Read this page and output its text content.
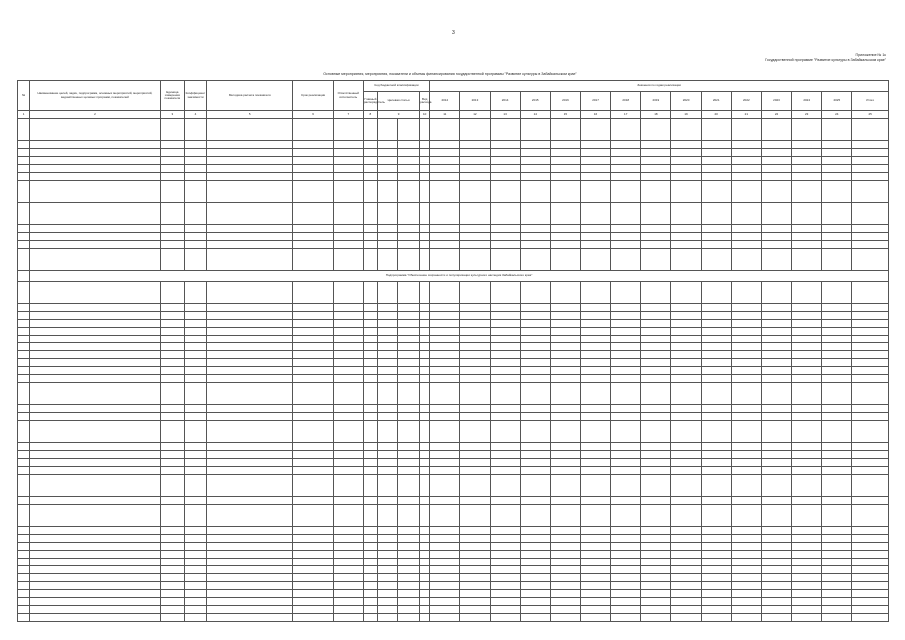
3
Приложение № 1к
Государственной программе "Развитие культуры в Забайкальском крае"
Основные мероприятия, мероприятия, показатели и объемы финансирования государственной программы "Развитие культуры в Забайкальском крае"
№	Наименование целей, задач, подпрограмм, основных мероприятий, мероприятий, ведомственных целевых программ, показателей	Единица измерения показателя	Коэффициент значимости	Методика расчета показателя	Срок реализации	Ответственный исполнитель	Код бюджетной классификации				Значения по годам реализации														
							Главный распорядитель	Целевая статья		Вид расхода	2012	2013	2014	2015	2016	2017	2018	2019	2020	2021	2022	2023	2024	2025	Итого
1	2	3	4	5	6	7	8	9		10	11	12	13	14	15	16	17	18	19	20	21	22	23	24	25

	Подпрограмма "Обеспечение сохранности и популяризации культурного наследия Забайкальского края"																								
